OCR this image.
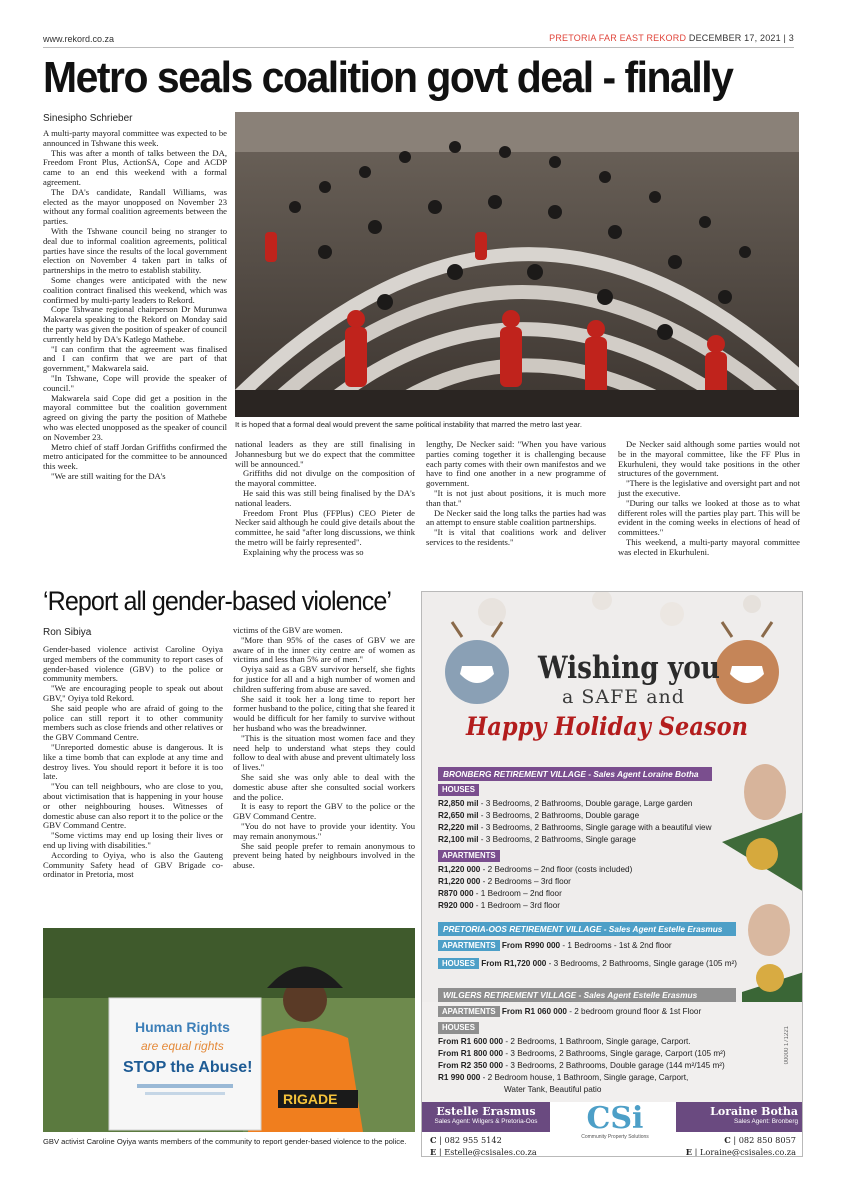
www.rekord.co.za	PRETORIA FAR EAST REKORD DECEMBER 17, 2021 | 3
Metro seals coalition govt deal - finally
Sinesipho Schrieber

A multi-party mayoral committee was expected to be announced in Tshwane this week.

This was after a month of talks between the DA, Freedom Front Plus, ActionSA, Cope and ACDP came to an end this weekend with a formal agreement.

The DA's candidate, Randall Williams, was elected as the mayor unopposed on November 23 without any formal coalition agreements between the parties.

With the Tshwane council being no stranger to deal due to informal coalition agreements, political parties have since the results of the local government election on November 4 taken part in talks of partnerships in the metro to establish stability.

Some changes were anticipated with the new coalition contract finalised this weekend, which was confirmed by multi-party leaders to Rekord.

Cope Tshwane regional chairperson Dr Murunwa Makwarela speaking to the Rekord on Monday said the party was given the position of speaker of council currently held by DA's Katlego Mathebe.

"I can confirm that the agreement was finalised and I can confirm that we are part of that government," Makwarela said.

"In Tshwane, Cope will provide the speaker of council."

Makwarela said Cope did get a position in the mayoral committee but the coalition government agreed on giving the party the position of Mathebe who was elected unopposed as the speaker of council on November 23.

Metro chief of staff Jordan Griffiths confirmed the metro anticipated for the committee to be announced this week.

"We are still waiting for the DA's

It is hoped that a formal deal would prevent the same political instability that marred the metro last year.

national leaders as they are still finalising in Johannesburg but we do expect that the committee will be announced."

Griffiths did not divulge on the composition of the mayoral committee.

He said this was still being finalised by the DA's national leaders.

Freedom Front Plus (FFPlus) CEO Pieter de Necker said although he could give details about the committee, he said "after long discussions, we think the metro will be fairly represented".

Explaining why the process was so

lengthy, De Necker said: "When you have various parties coming together it is challenging because each party comes with their own manifestos and we have to find one another in a new programme of government.

"It is not just about positions, it is much more than that."

De Necker said the long talks the parties had was an attempt to ensure stable coalition partnerships.

"It is vital that coalitions work and deliver services to the residents."

De Necker said although some parties would not be in the mayoral committee, like the FF Plus in Ekurhuleni, they would take positions in the other structures of the government.

"There is the legislative and oversight part and not just the executive.

"During our talks we looked at those as to what different roles will the parties play part. This will be evident in the coming weeks in elections of head of committees."

This weekend, a multi-party mayoral committee was elected in Ekurhuleni.

‘Report all gender-based violence’
Ron Sibiya

Gender-based violence activist Caroline Oyiya urged members of the community to report cases of gender-based violence (GBV) to the police or community members.

"We are encouraging people to speak out about GBV," Oyiya told Rekord.

She said people who are afraid of going to the police can still report it to other community members such as close friends and other relatives or the GBV Command Centre.

"Unreported domestic abuse is dangerous. It is like a time bomb that can explode at any time and destroy lives. You should report it before it is too late.

"You can tell neighbours, who are close to you, about victimisation that is happening in your house or other neighbouring houses. Witnesses of domestic abuse can also report it to the police or the GBV Command Centre.

"Some victims may end up losing their lives or end up living with disabilities."

According to Oyiya, who is also the Gauteng Community Safety head of GBV Brigade co-ordinator in Pretoria, most

victims of the GBV are women.

"More than 95% of the cases of GBV we are aware of in the inner city centre are of women as victims and less than 5% are of men."

Oyiya said as a GBV survivor herself, she fights for justice for all and a high number of women and children suffering from abuse are saved.

She said it took her a long time to report her former husband to the police, citing that she feared it would be difficult for her family to survive without her husband who was the breadwinner.

"This is the situation most women face and they need help to understand what steps they could follow to deal with abuse and prevent ultimately loss of lives."

She said she was only able to deal with the domestic abuse after she consulted social workers and the police.

It is easy to report the GBV to the police or the GBV Command Centre.

"You do not have to provide your identity. You may remain anonymous."

She said people prefer to remain anonymous to prevent being hated by neighbours involved in the abuse.

RIGADE
Human Rights
are equal rights
STOP the Abuse!
GBV activist Caroline Oyiya wants members of the community to report gender-based violence to the police.
Wishing you
a SAFE and
Happy Holiday Season
BRONBERG RETIREMENT VILLAGE - Sales Agent Loraine Botha
HOUSES
R2,850 mil - 3 Bedrooms, 2 Bathrooms, Double garage, Large garden
R2,650 mil - 3 Bedrooms, 2 Bathrooms, Double garage
R2,220 mil - 3 Bedrooms, 2 Bathrooms, Single garage with a beautiful view
R2,100 mil - 3 Bedrooms, 2 Bathrooms, Single garage
APARTMENTS
R1,220 000 - 2 Bedrooms – 2nd floor (costs included)
R1,220 000 - 2 Bedrooms – 3rd floor
R870 000 - 1 Bedroom – 2nd floor
R920 000 - 1 Bedroom – 3rd floor
PRETORIA-OOS RETIREMENT VILLAGE - Sales Agent Estelle Erasmus
APARTMENTS From R990 000 - 1 Bedrooms - 1st & 2nd floor
HOUSES From R1,720 000 - 3 Bedrooms, 2 Bathrooms, Single garage (105 m²)
WILGERS RETIREMENT VILLAGE - Sales Agent Estelle Erasmus
APARTMENTS From R1 060 000 - 2 bedroom ground floor & 1st Floor
HOUSES
From R1 600 000 - 2 Bedrooms, 1 Bathroom, Single garage, Carport.
From R1 800 000 - 3 Bedrooms, 2 Bathrooms, Single garage, Carport (105 m²)
From R2 350 000 - 3 Bedrooms, 2 Bathrooms, Double garage (144 m²/145 m²)
R1 990 000 - 2 Bedroom house, 1 Bathroom, Single garage, Carport,
Water Tank, Beautiful patio
00000 171221
Estelle Erasmus
Sales Agent: Wilgers & Pretoria-Oos
Loraine Botha
Sales Agent: Bronberg
C | 082 955 5142
E | Estelle@csisales.co.za
C | 082 850 8057
E | Loraine@csisales.co.za
CSi
Community Property Solutions
